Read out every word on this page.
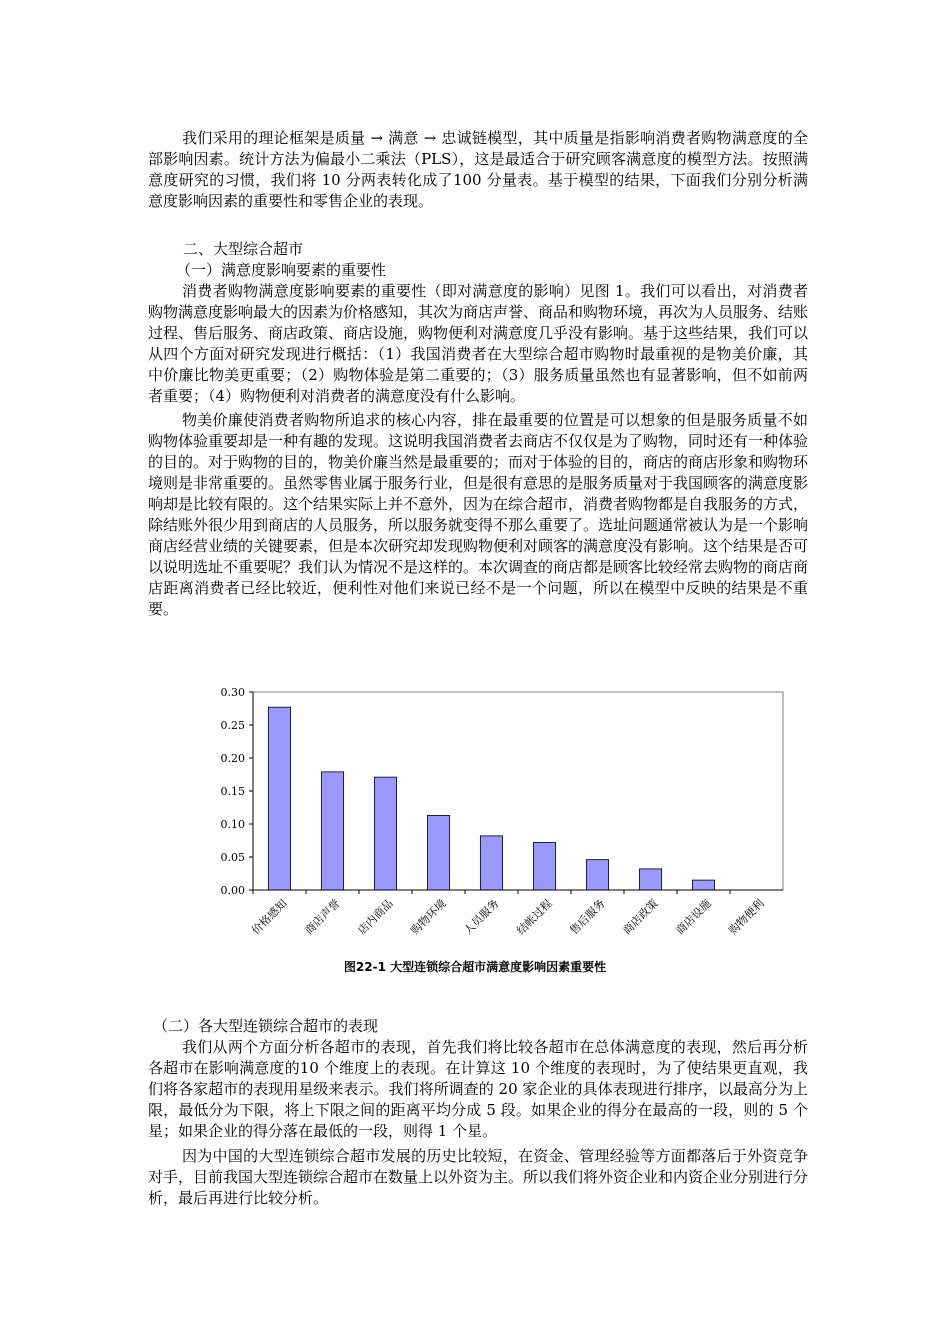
我们采用的理论框架是质量 → 满意 → 忠诚链模型，其中质量是指影响消费者购物满意度的全部影响因素。统计方法为偏最小二乘法（PLS），这是最适合于研究顾客满意度的模型方法。按照满意度研究的习惯，我们将 10 分两表转化成了100 分量表。基于模型的结果，下面我们分别分析满意度影响因素的重要性和零售企业的表现。

二、大型综合超市

（一）满意度影响要素的重要性

消费者购物满意度影响要素的重要性（即对满意度的影响）见图 1。我们可以看出，对消费者购物满意度影响最大的因素为价格感知，其次为商店声誉、商品和购物环境，再次为人员服务、结账过程、售后服务、商店政策、商店设施，购物便利对满意度几乎没有影响。基于这些结果，我们可以从四个方面对研究发现进行概括：（1）我国消费者在大型综合超市购物时最重视的是物美价廉，其中价廉比物美更重要；（2）购物体验是第二重要的；（3）服务质量虽然也有显著影响，但不如前两者重要；（4）购物便利对消费者的满意度没有什么影响。

物美价廉使消费者购物所追求的核心内容，排在最重要的位置是可以想象的但是服务质量不如购物体验重要却是一种有趣的发现。这说明我国消费者去商店不仅仅是为了购物，同时还有一种体验的目的。对于购物的目的，物美价廉当然是最重要的；而对于体验的目的，商店的商店形象和购物环境则是非常重要的。虽然零售业属于服务行业，但是很有意思的是服务质量对于我国顾客的满意度影响却是比较有限的。这个结果实际上并不意外，因为在综合超市，消费者购物都是自我服务的方式，除结账外很少用到商店的人员服务，所以服务就变得不那么重要了。选址问题通常被认为是一个影响商店经营业绩的关键要素，但是本次研究却发现购物便利对顾客的满意度没有影响。这个结果是否可以说明选址不重要呢？我们认为情况不是这样的。本次调查的商店都是顾客比较经常去购物的商店商店距离消费者已经比较近，便利性对他们来说已经不是一个问题，所以在模型中反映的结果是不重要。

0.00
0.05
0.10
0.15
0.20
0.25
0.30
价格感知 商店声誉 店内商品 购物环境 人员服务 结帐过程 售后服务 商店政策 商店设施 购物便利
图22-1 大型连锁综合超市满意度影响因素重要性

（二）各大型连锁综合超市的表现

我们从两个方面分析各超市的表现，首先我们将比较各超市在总体满意度的表现，然后再分析各超市在影响满意度的10 个维度上的表现。在计算这 10 个维度的表现时，为了使结果更直观，我们将各家超市的表现用星级来表示。我们将所调查的 20 家企业的具体表现进行排序，以最高分为上限，最低分为下限，将上下限之间的距离平均分成 5 段。如果企业的得分在最高的一段，则的 5 个星；如果企业的得分落在最低的一段，则得 1 个星。

因为中国的大型连锁综合超市发展的历史比较短，在资金、管理经验等方面都落后于外资竞争对手，目前我国大型连锁综合超市在数量上以外资为主。所以我们将外资企业和内资企业分别进行分析，最后再进行比较分析。
